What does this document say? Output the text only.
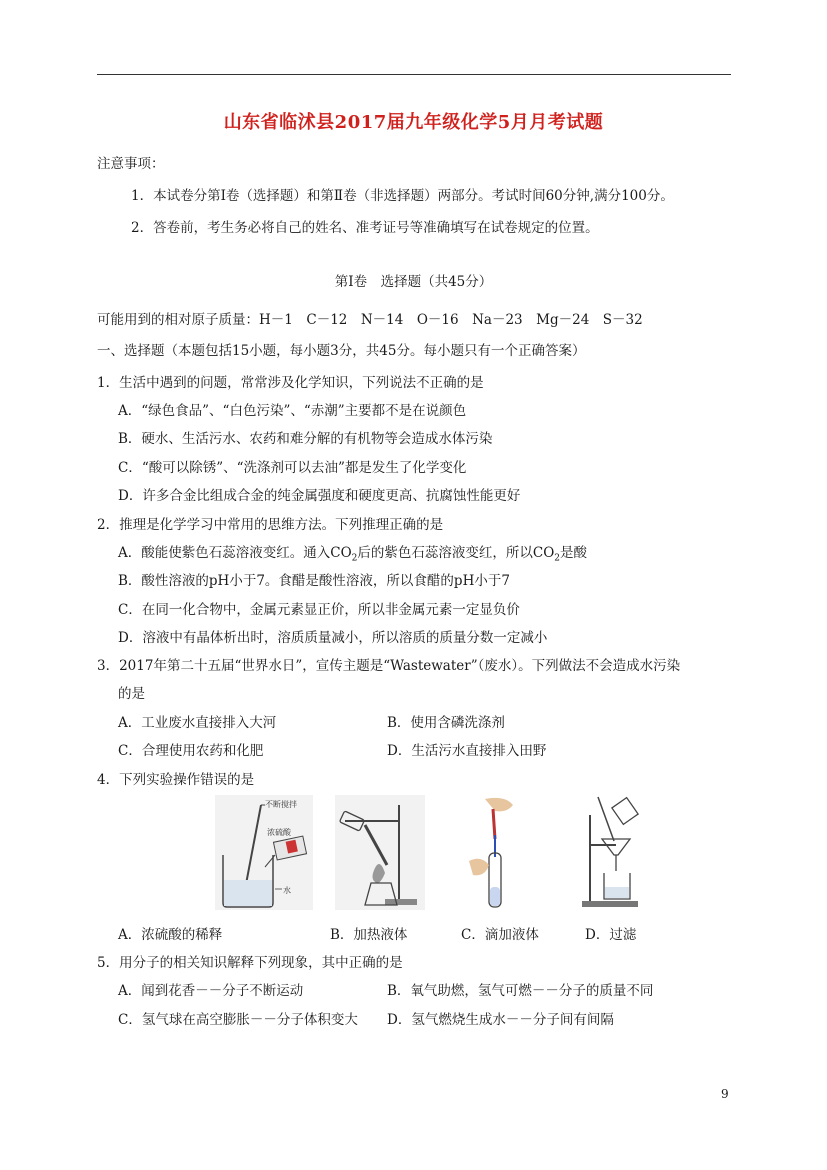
山东省临沭县2017届九年级化学5月月考试题
注意事项：
1．本试卷分第Ⅰ卷（选择题）和第Ⅱ卷（非选择题）两部分。考试时间60分钟,满分100分。
2．答卷前，考生务必将自己的姓名、准考证号等准确填写在试卷规定的位置。
第Ⅰ卷　选择题（共45分）
可能用到的相对原子质量：H－1　C－12　N－14　O－16　Na－23　Mg－24　S－32
一、选择题（本题包括15小题，每小题3分，共45分。每小题只有一个正确答案）
1．生活中遇到的问题，常常涉及化学知识，下列说法不正确的是
A．“绿色食品”、“白色污染”、“赤潮”主要都不是在说颜色
B．硬水、生活污水、农药和难分解的有机物等会造成水体污染
C．“酸可以除锈”、“洗涤剂可以去油”都是发生了化学变化
D．许多合金比组成合金的纯金属强度和硬度更高、抗腐蚀性能更好
2．推理是化学学习中常用的思维方法。下列推理正确的是
A．酸能使紫色石蕊溶液变红。通入$CO_2$后的紫色石蕊溶液变红，所以$CO_2$是酸
B．酸性溶液的pH小于7。食醋是酸性溶液，所以食醋的pH小于7
C．在同一化合物中，金属元素显正价，所以非金属元素一定显负价
D．溶液中有晶体析出时，溶质质量减小，所以溶质的质量分数一定减小
3．2017年第二十五届“世界水日”，宣传主题是“Wastewater”（废水）。下列做法不会造成水污染
的是
A．工业废水直接排入大河	B．使用含磷洗涤剂
C．合理使用农药和化肥	D．生活污水直接排入田野
4．下列实验操作错误的是
不断搅拌
浓硫酸
水
A．浓硫酸的稀释	B．加热液体	C．滴加液体	D．过滤
5．用分子的相关知识解释下列现象，其中正确的是
A．闻到花香－－分子不断运动	B．氧气助燃，氢气可燃－－分子的质量不同
C．氢气球在高空膨胀－－分子体积变大 D．氢气燃烧生成水－－分子间有间隔
9
